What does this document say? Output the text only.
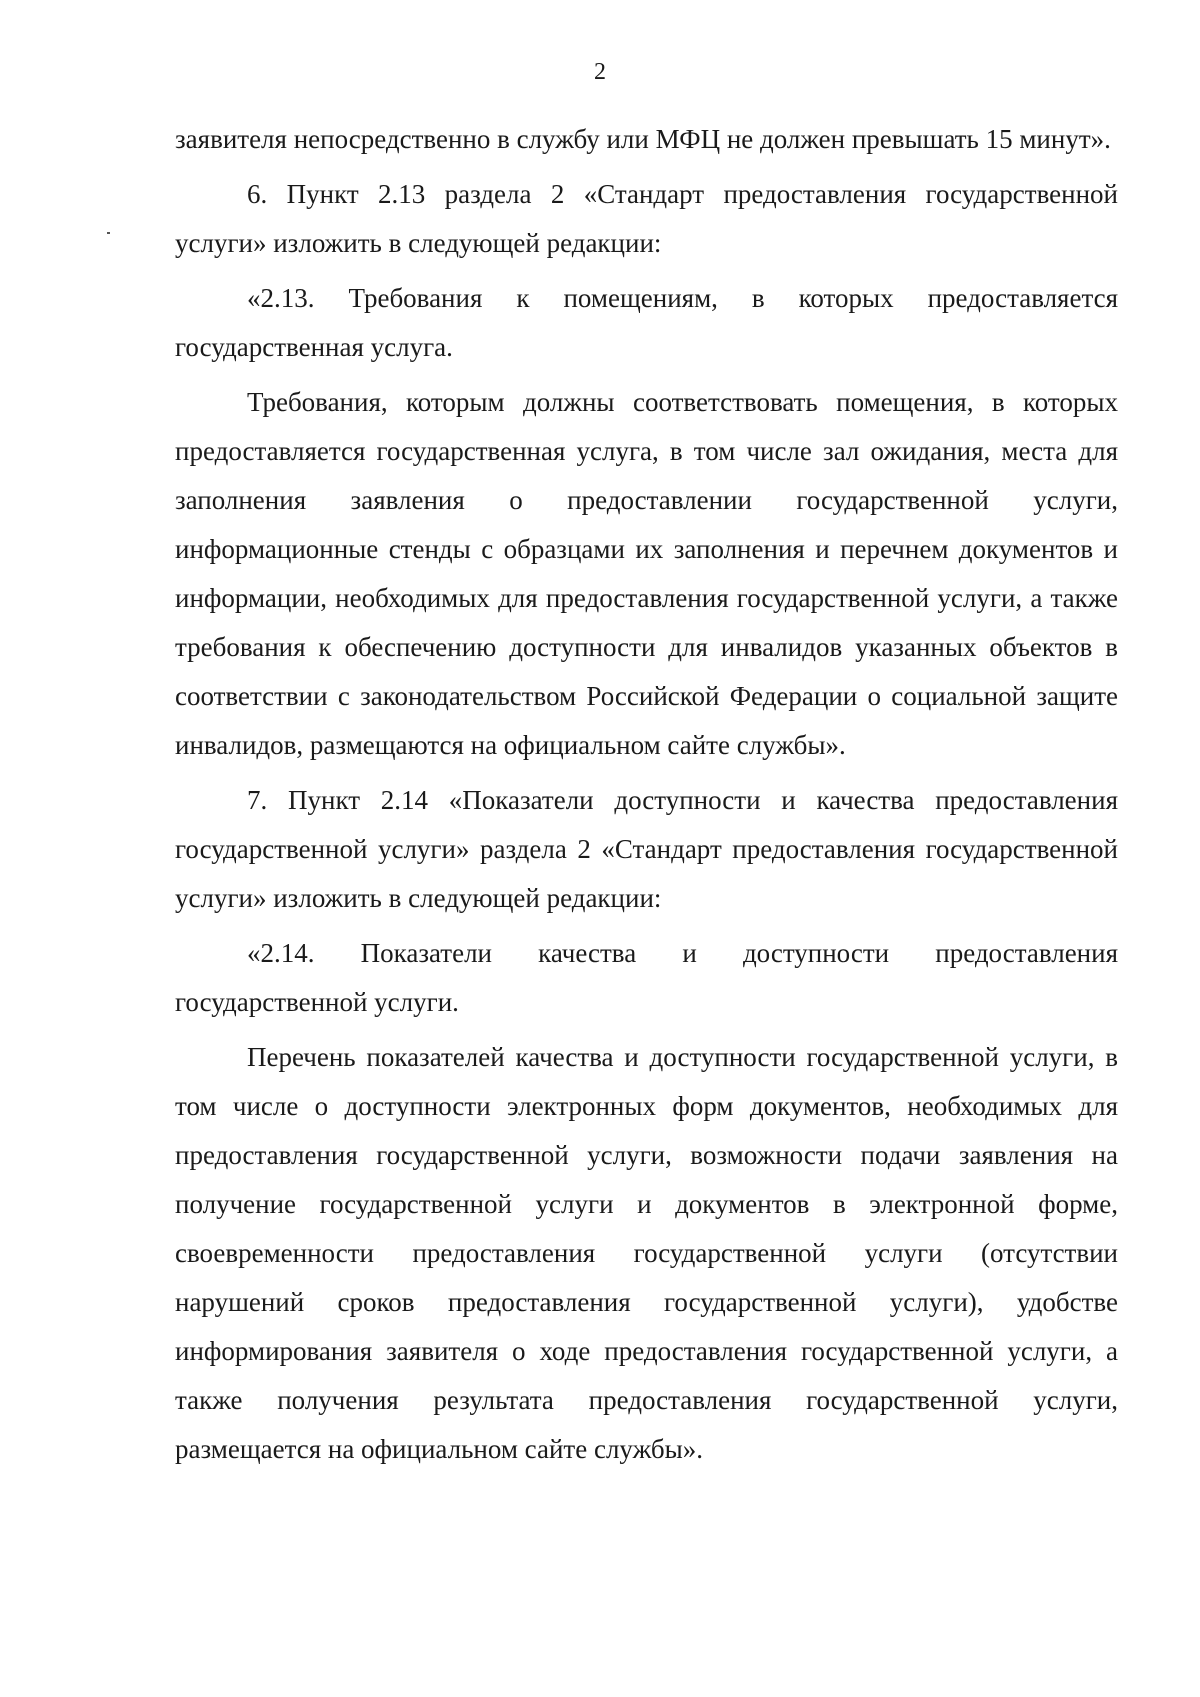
2

заявителя непосредственно в службу или МФЦ не должен превышать 15 минут».

6. Пункт 2.13 раздела 2 «Стандарт предоставления государственной услуги» изложить в следующей редакции:

«2.13. Требования к помещениям, в которых предоставляется государственная услуга.

Требования, которым должны соответствовать помещения, в которых предоставляется государственная услуга, в том числе зал ожидания, места для заполнения заявления о предоставлении государственной услуги, информационные стенды с образцами их заполнения и перечнем документов и информации, необходимых для предоставления государственной услуги, а также требования к обеспечению доступности для инвалидов указанных объектов в соответствии с законодательством Российской Федерации о социальной защите инвалидов, размещаются на официальном сайте службы».

7. Пункт 2.14 «Показатели доступности и качества предоставления государственной услуги» раздела 2 «Стандарт предоставления государственной услуги» изложить в следующей редакции:

«2.14. Показатели качества и доступности предоставления государственной услуги.

Перечень показателей качества и доступности государственной услуги, в том числе о доступности электронных форм документов, необходимых для предоставления государственной услуги, возможности подачи заявления на получение государственной услуги и документов в электронной форме, своевременности предоставления государственной услуги (отсутствии нарушений сроков предоставления государственной услуги), удобстве информирования заявителя о ходе предоставления государственной услуги, а также получения результата предоставления государственной услуги, размещается на официальном сайте службы».
